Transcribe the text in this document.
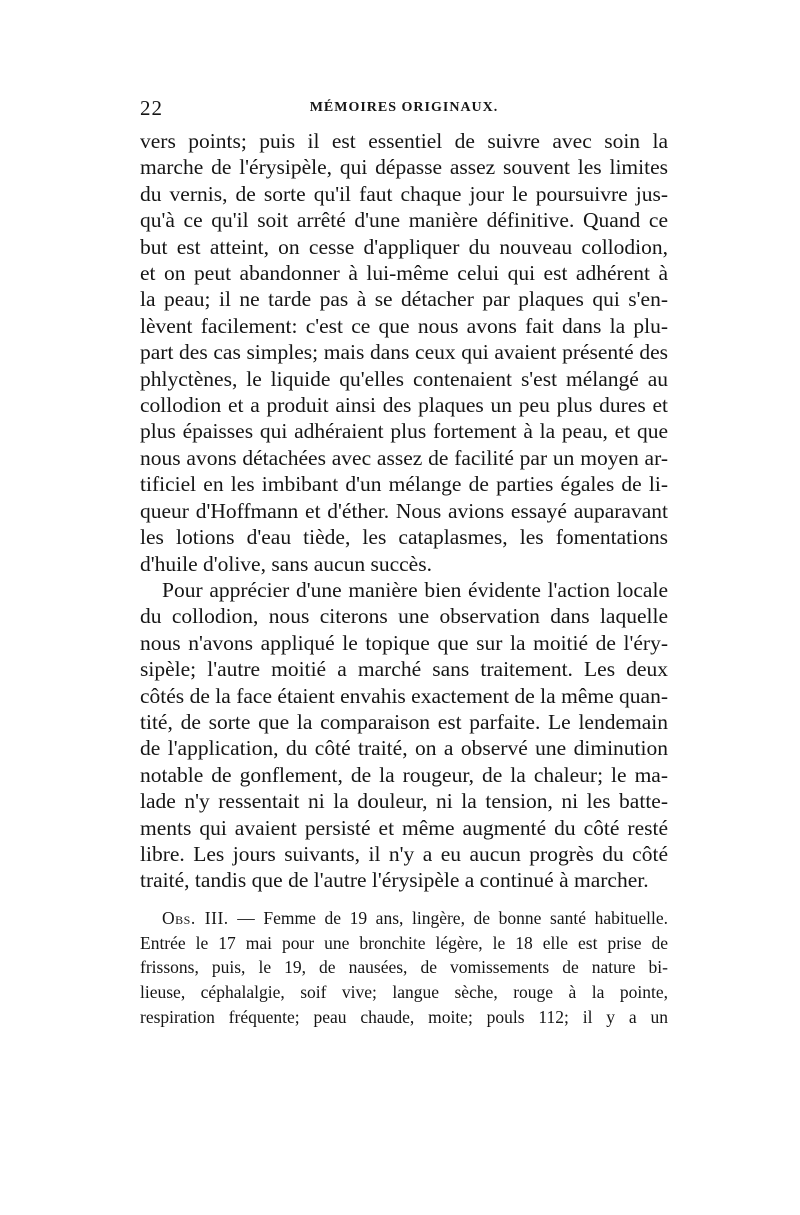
22	MÉMOIRES ORIGINAUX.

vers points; puis il est essentiel de suivre avec soin la
marche de l'érysipèle, qui dépasse assez souvent les limites
du vernis, de sorte qu'il faut chaque jour le poursuivre jus-
qu'à ce qu'il soit arrêté d'une manière définitive. Quand ce
but est atteint, on cesse d'appliquer du nouveau collodion,
et on peut abandonner à lui-même celui qui est adhérent à
la peau; il ne tarde pas à se détacher par plaques qui s'en-
lèvent facilement: c'est ce que nous avons fait dans la plu-
part des cas simples; mais dans ceux qui avaient présenté des
phlyctènes, le liquide qu'elles contenaient s'est mélangé au
collodion et a produit ainsi des plaques un peu plus dures et
plus épaisses qui adhéraient plus fortement à la peau, et que
nous avons détachées avec assez de facilité par un moyen ar-
tificiel en les imbibant d'un mélange de parties égales de li-
queur d'Hoffmann et d'éther. Nous avions essayé auparavant
les lotions d'eau tiède, les cataplasmes, les fomentations
d'huile d'olive, sans aucun succès.

Pour apprécier d'une manière bien évidente l'action locale
du collodion, nous citerons une observation dans laquelle
nous n'avons appliqué le topique que sur la moitié de l'éry-
sipèle; l'autre moitié a marché sans traitement. Les deux
côtés de la face étaient envahis exactement de la même quan-
tité, de sorte que la comparaison est parfaite. Le lendemain
de l'application, du côté traité, on a observé une diminution
notable de gonflement, de la rougeur, de la chaleur; le ma-
lade n'y ressentait ni la douleur, ni la tension, ni les batte-
ments qui avaient persisté et même augmenté du côté resté
libre. Les jours suivants, il n'y a eu aucun progrès du côté
traité, tandis que de l'autre l'érysipèle a continué à marcher.

Obs. III. — Femme de 19 ans, lingère, de bonne santé habituelle.
Entrée le 17 mai pour une bronchite légère, le 18 elle est prise de
frissons, puis, le 19, de nausées, de vomissements de nature bi-
lieuse, céphalalgie, soif vive; langue sèche, rouge à la pointe,
respiration fréquente; peau chaude, moite; pouls 112; il y a un
